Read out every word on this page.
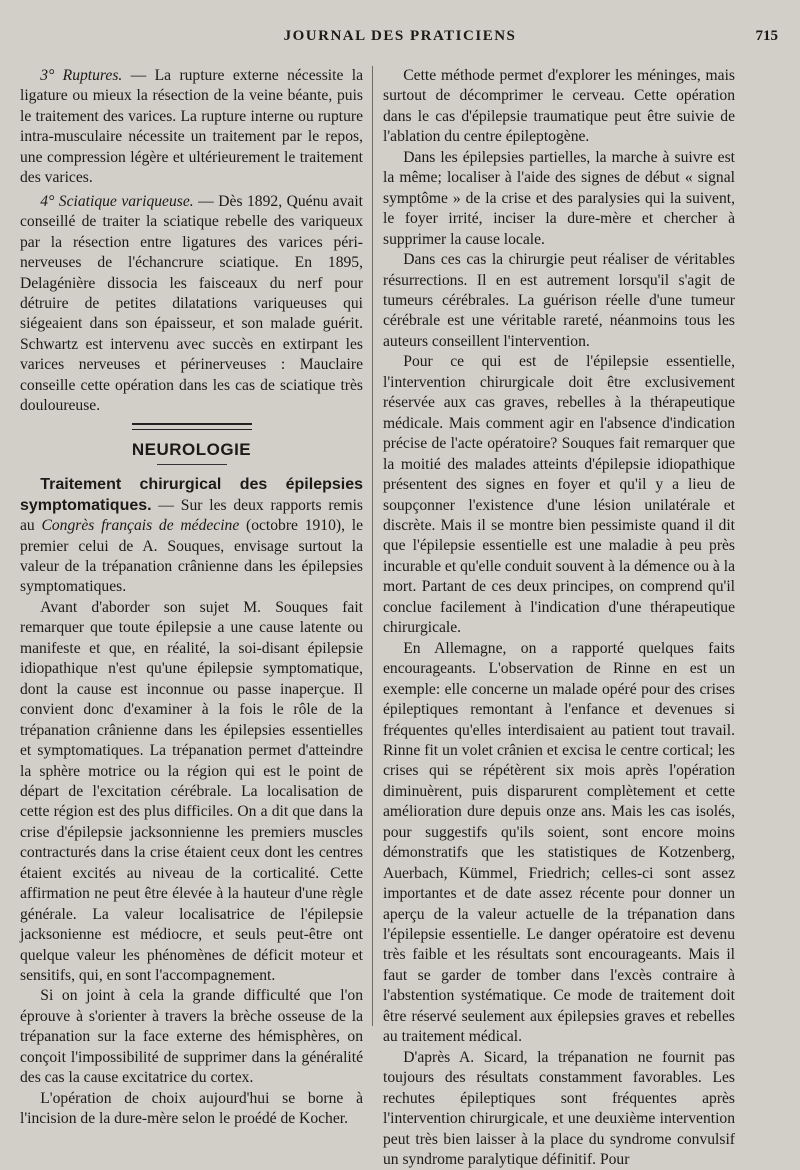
JOURNAL DES PRATICIENS	715

3° Ruptures. — La rupture externe nécessite la ligature ou mieux la résection de la veine béante, puis le traitement des varices. La rupture interne ou rupture intra-musculaire nécessite un traitement par le repos, une compression légère et ultérieurement le traitement des varices.

4° Sciatique variqueuse. — Dès 1892, Quénu avait conseillé de traiter la sciatique rebelle des variqueux par la résection entre ligatures des varices péri-nerveuses de l'échancrure sciatique. En 1895, Delagénière dissocia les faisceaux du nerf pour détruire de petites dilatations variqueuses qui siégeaient dans son épaisseur, et son malade guérit. Schwartz est intervenu avec succès en extirpant les varices nerveuses et périnerveuses : Mauclaire conseille cette opération dans les cas de sciatique très douloureuse.

NEUROLOGIE

Traitement chirurgical des épilepsies symptomatiques. — Sur les deux rapports remis au Congrès français de médecine (octobre 1910), le premier celui de A. Souques, envisage surtout la valeur de la trépanation crânienne dans les épilepsies symptomatiques.

Avant d'aborder son sujet M. Souques fait remarquer que toute épilepsie a une cause latente ou manifeste et que, en réalité, la soi-disant épilepsie idiopathique n'est qu'une épilepsie symptomatique, dont la cause est inconnue ou passe inaperçue. Il convient donc d'examiner à la fois le rôle de la trépanation crânienne dans les épilepsies essentielles et symptomatiques. La trépanation permet d'atteindre la sphère motrice ou la région qui est le point de départ de l'excitation cérébrale. La localisation de cette région est des plus difficiles. On a dit que dans la crise d'épilepsie jacksonnienne les premiers muscles contracturés dans la crise étaient ceux dont les centres étaient excités au niveau de la corticalité. Cette affirmation ne peut être élevée à la hauteur d'une règle générale. La valeur localisatrice de l'épilepsie jacksonienne est médiocre, et seuls peut-être ont quelque valeur les phénomènes de déficit moteur et sensitifs, qui, en sont l'accompagnement.

Si on joint à cela la grande difficulté que l'on éprouve à s'orienter à travers la brèche osseuse de la trépanation sur la face externe des hémisphères, on conçoit l'impossibilité de supprimer dans la généralité des cas la cause excitatrice du cortex.

L'opération de choix aujourd'hui se borne à l'incision de la dure-mère selon le proédé de Kocher.

Cette méthode permet d'explorer les méninges, mais surtout de décomprimer le cerveau. Cette opération dans le cas d'épilepsie traumatique peut être suivie de l'ablation du centre épileptogène.

Dans les épilepsies partielles, la marche à suivre est la même; localiser à l'aide des signes de début « signal symptôme » de la crise et des paralysies qui la suivent, le foyer irrité, inciser la dure-mère et chercher à supprimer la cause locale.

Dans ces cas la chirurgie peut réaliser de véritables résurrections. Il en est autrement lorsqu'il s'agit de tumeurs cérébrales. La guérison réelle d'une tumeur cérébrale est une véritable rareté, néanmoins tous les auteurs conseillent l'intervention.

Pour ce qui est de l'épilepsie essentielle, l'intervention chirurgicale doit être exclusivement réservée aux cas graves, rebelles à la thérapeutique médicale. Mais comment agir en l'absence d'indication précise de l'acte opératoire? Souques fait remarquer que la moitié des malades atteints d'épilepsie idiopathique présentent des signes en foyer et qu'il y a lieu de soupçonner l'existence d'une lésion unilatérale et discrète. Mais il se montre bien pessimiste quand il dit que l'épilepsie essentielle est une maladie à peu près incurable et qu'elle conduit souvent à la démence ou à la mort. Partant de ces deux principes, on comprend qu'il conclue facilement à l'indication d'une thérapeutique chirurgicale.

En Allemagne, on a rapporté quelques faits encourageants. L'observation de Rinne en est un exemple: elle concerne un malade opéré pour des crises épileptiques remontant à l'enfance et devenues si fréquentes qu'elles interdisaient au patient tout travail. Rinne fit un volet crânien et excisa le centre cortical; les crises qui se répétèrent six mois après l'opération diminuèrent, puis disparurent complètement et cette amélioration dure depuis onze ans. Mais les cas isolés, pour suggestifs qu'ils soient, sont encore moins démonstratifs que les statistiques de Kotzenberg, Auerbach, Kümmel, Friedrich; celles-ci sont assez importantes et de date assez récente pour donner un aperçu de la valeur actuelle de la trépanation dans l'épilepsie essentielle. Le danger opératoire est devenu très faible et les résultats sont encourageants. Mais il faut se garder de tomber dans l'excès contraire à l'abstention systématique. Ce mode de traitement doit être réservé seulement aux épilepsies graves et rebelles au traitement médical.

D'après A. Sicard, la trépanation ne fournit pas toujours des résultats constamment favorables. Les rechutes épileptiques sont fréquentes après l'intervention chirurgicale, et une deuxième intervention peut très bien laisser à la place du syndrome convulsif un syndrome paralytique définitif. Pour
